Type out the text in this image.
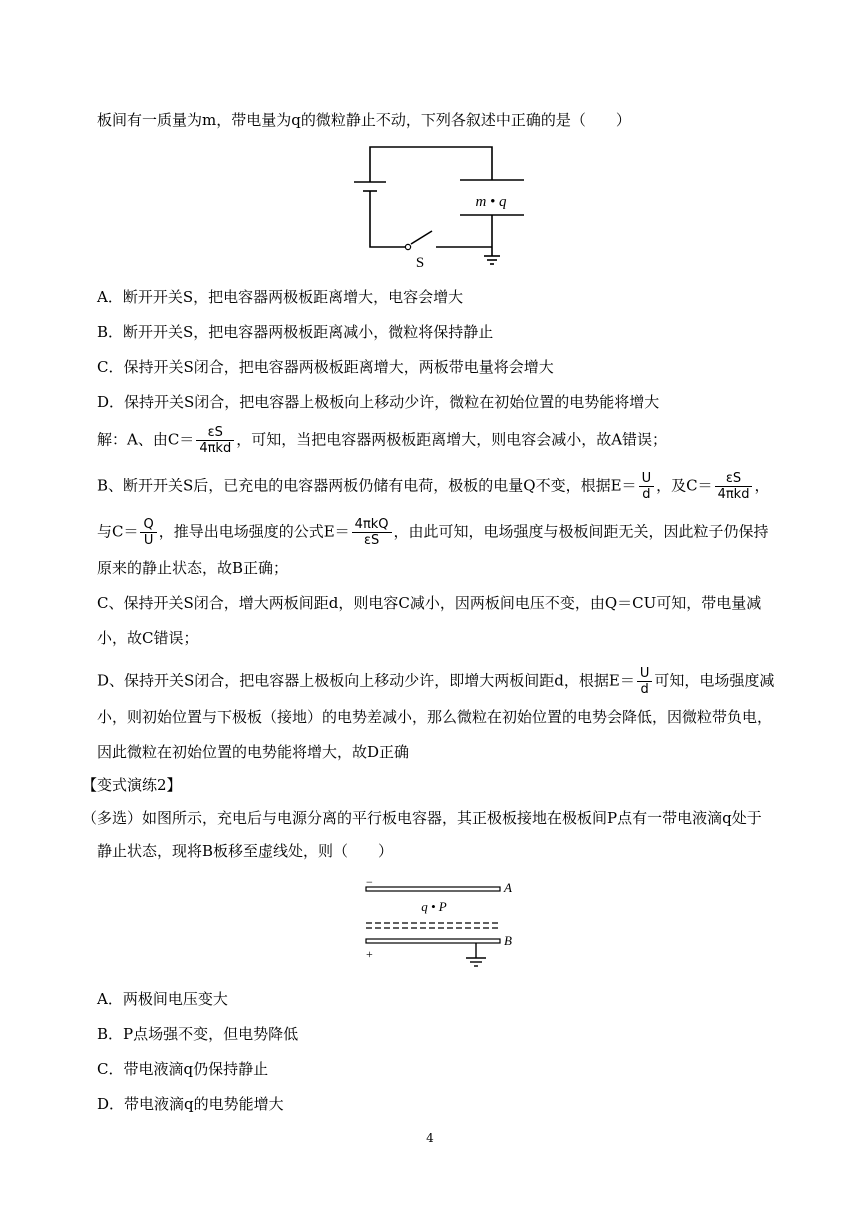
板间有一质量为m，带电量为q的微粒静止不动，下列各叙述中正确的是（　　）
m • q
S
A．断开开关S，把电容器两极板距离增大，电容会增大
B．断开开关S，把电容器两极板距离减小，微粒将保持静止
C．保持开关S闭合，把电容器两极板距离增大，两板带电量将会增大
D．保持开关S闭合，把电容器上极板向上移动少许，微粒在初始位置的电势能将增大
解：A、由$C= \frac{\varepsilon S}{\text{4πkd}}$ ，可知，当把电容器两极板距离增大，则电容会减小，故A错误；
B、断开开关S后，已充电的电容器两板仍储有电荷，极板的电量Q不变，根据$E= \frac{U}{d}$ ，及$C= \frac{\varepsilon S}{\text{4πkd}}$ ，
与$C= \frac{Q}{U}$ ，推导出电场强度的公式$E= \frac{\text{4πkQ}}{\varepsilon S}$ ，由此可知，电场强度与极板间距无关，因此粒子仍保持
原来的静止状态，故B正确；
C、保持开关S闭合，增大两板间距d，则电容C减小，因两板间电压不变，由Q＝CU可知，带电量减
小，故C错误；
D、保持开关S闭合，把电容器上极板向上移动少许，即增大两板间距d，根据$E= \frac{U}{d}$ 可知，电场强度减
小，则初始位置与下极板（接地）的电势差减小，那么微粒在初始位置的电势会降低，因微粒带负电，
因此微粒在初始位置的电势能将增大，故D正确
【变式演练2】
（多选）如图所示，充电后与电源分离的平行板电容器，其正极板接地在极板间P点有一带电液滴q处于
静止状态，现将B板移至虚线处，则（　　）
−
+
A
B
q • P
A．两极间电压变大
B．P点场强不变，但电势降低
C．带电液滴q仍保持静止
D．带电液滴q的电势能增大
4
